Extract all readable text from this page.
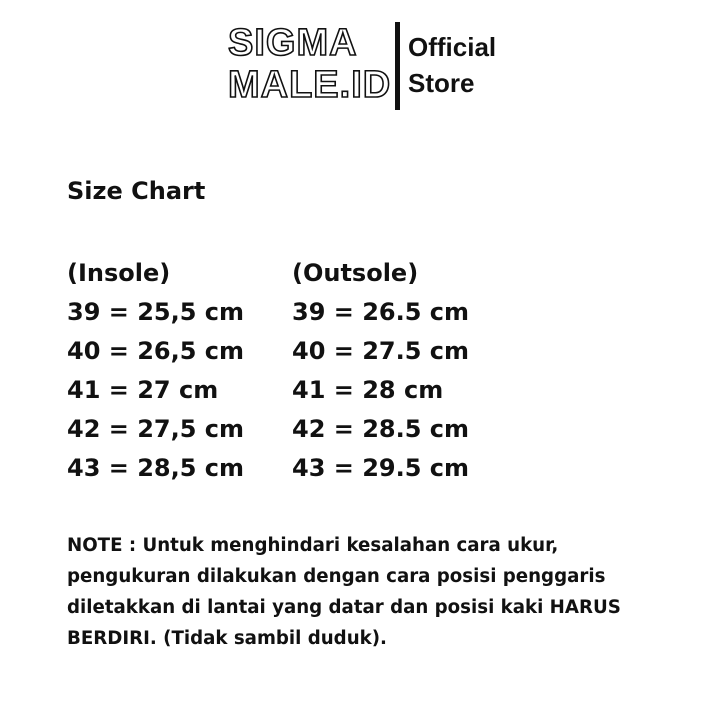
SIGMA
MALE.ID
Official
Store
Size Chart
(Insole)
39 = 25,5 cm
40 = 26,5 cm
41 = 27 cm
42 = 27,5 cm
43 = 28,5 cm
(Outsole)
39 = 26.5 cm
40 = 27.5 cm
41 = 28 cm
42 = 28.5 cm
43 = 29.5 cm

NOTE : Untuk menghindari kesalahan cara ukur, pengukuran dilakukan dengan cara posisi penggaris diletakkan di lantai yang datar dan posisi kaki HARUS BERDIRI. (Tidak sambil duduk).
